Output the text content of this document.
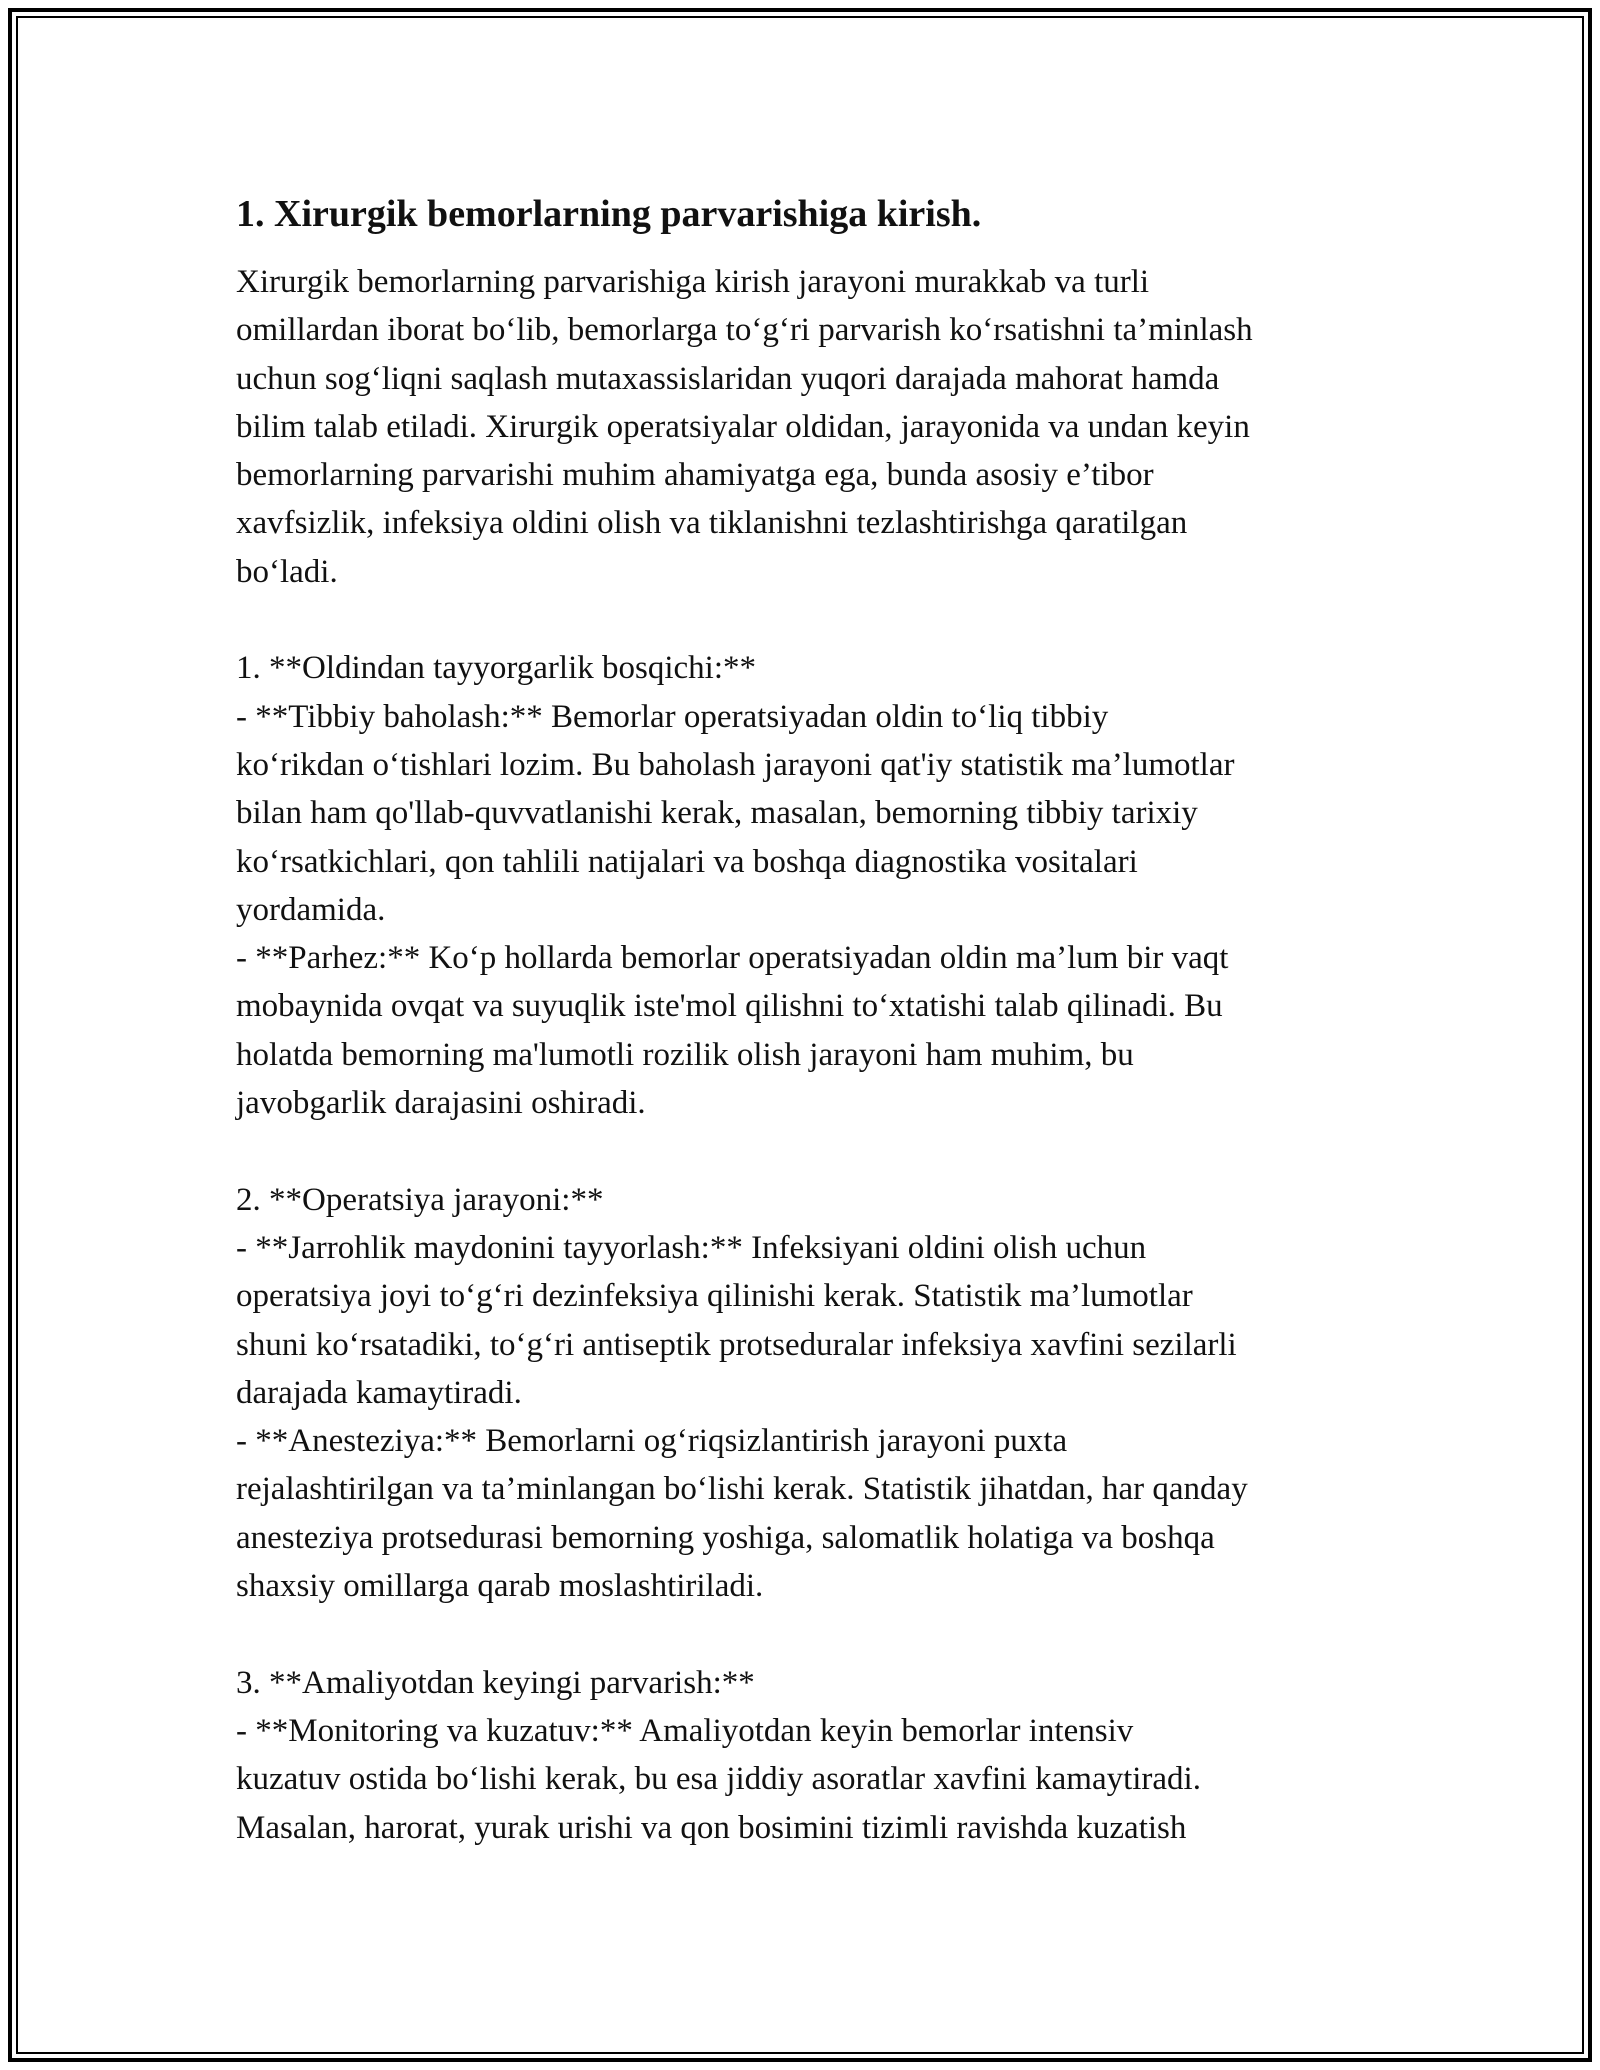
1. Xirurgik bemorlarning parvarishiga kirish.

Xirurgik bemorlarning parvarishiga kirish jarayoni murakkab va turli
omillardan iborat bo‘lib, bemorlarga to‘g‘ri parvarish ko‘rsatishni ta’minlash
uchun sog‘liqni saqlash mutaxassislaridan yuqori darajada mahorat hamda
bilim talab etiladi. Xirurgik operatsiyalar oldidan, jarayonida va undan keyin
bemorlarning parvarishi muhim ahamiyatga ega, bunda asosiy e’tibor
xavfsizlik, infeksiya oldini olish va tiklanishni tezlashtirishga qaratilgan
bo‘ladi.

1. **Oldindan tayyorgarlik bosqichi:**
- **Tibbiy baholash:** Bemorlar operatsiyadan oldin to‘liq tibbiy
ko‘rikdan o‘tishlari lozim. Bu baholash jarayoni qat'iy statistik ma’lumotlar
bilan ham qo'llab-quvvatlanishi kerak, masalan, bemorning tibbiy tarixiy
ko‘rsatkichlari, qon tahlili natijalari va boshqa diagnostika vositalari
yordamida.
- **Parhez:** Ko‘p hollarda bemorlar operatsiyadan oldin ma’lum bir vaqt
mobaynida ovqat va suyuqlik iste'mol qilishni to‘xtatishi talab qilinadi. Bu
holatda bemorning ma'lumotli rozilik olish jarayoni ham muhim, bu
javobgarlik darajasini oshiradi.

2. **Operatsiya jarayoni:**
- **Jarrohlik maydonini tayyorlash:** Infeksiyani oldini olish uchun
operatsiya joyi to‘g‘ri dezinfeksiya qilinishi kerak. Statistik ma’lumotlar
shuni ko‘rsatadiki, to‘g‘ri antiseptik protseduralar infeksiya xavfini sezilarli
darajada kamaytiradi.
- **Anesteziya:** Bemorlarni og‘riqsizlantirish jarayoni puxta
rejalashtirilgan va ta’minlangan bo‘lishi kerak. Statistik jihatdan, har qanday
anesteziya protsedurasi bemorning yoshiga, salomatlik holatiga va boshqa
shaxsiy omillarga qarab moslashtiriladi.

3. **Amaliyotdan keyingi parvarish:**
- **Monitoring va kuzatuv:** Amaliyotdan keyin bemorlar intensiv
kuzatuv ostida bo‘lishi kerak, bu esa jiddiy asoratlar xavfini kamaytiradi.
Masalan, harorat, yurak urishi va qon bosimini tizimli ravishda kuzatish
